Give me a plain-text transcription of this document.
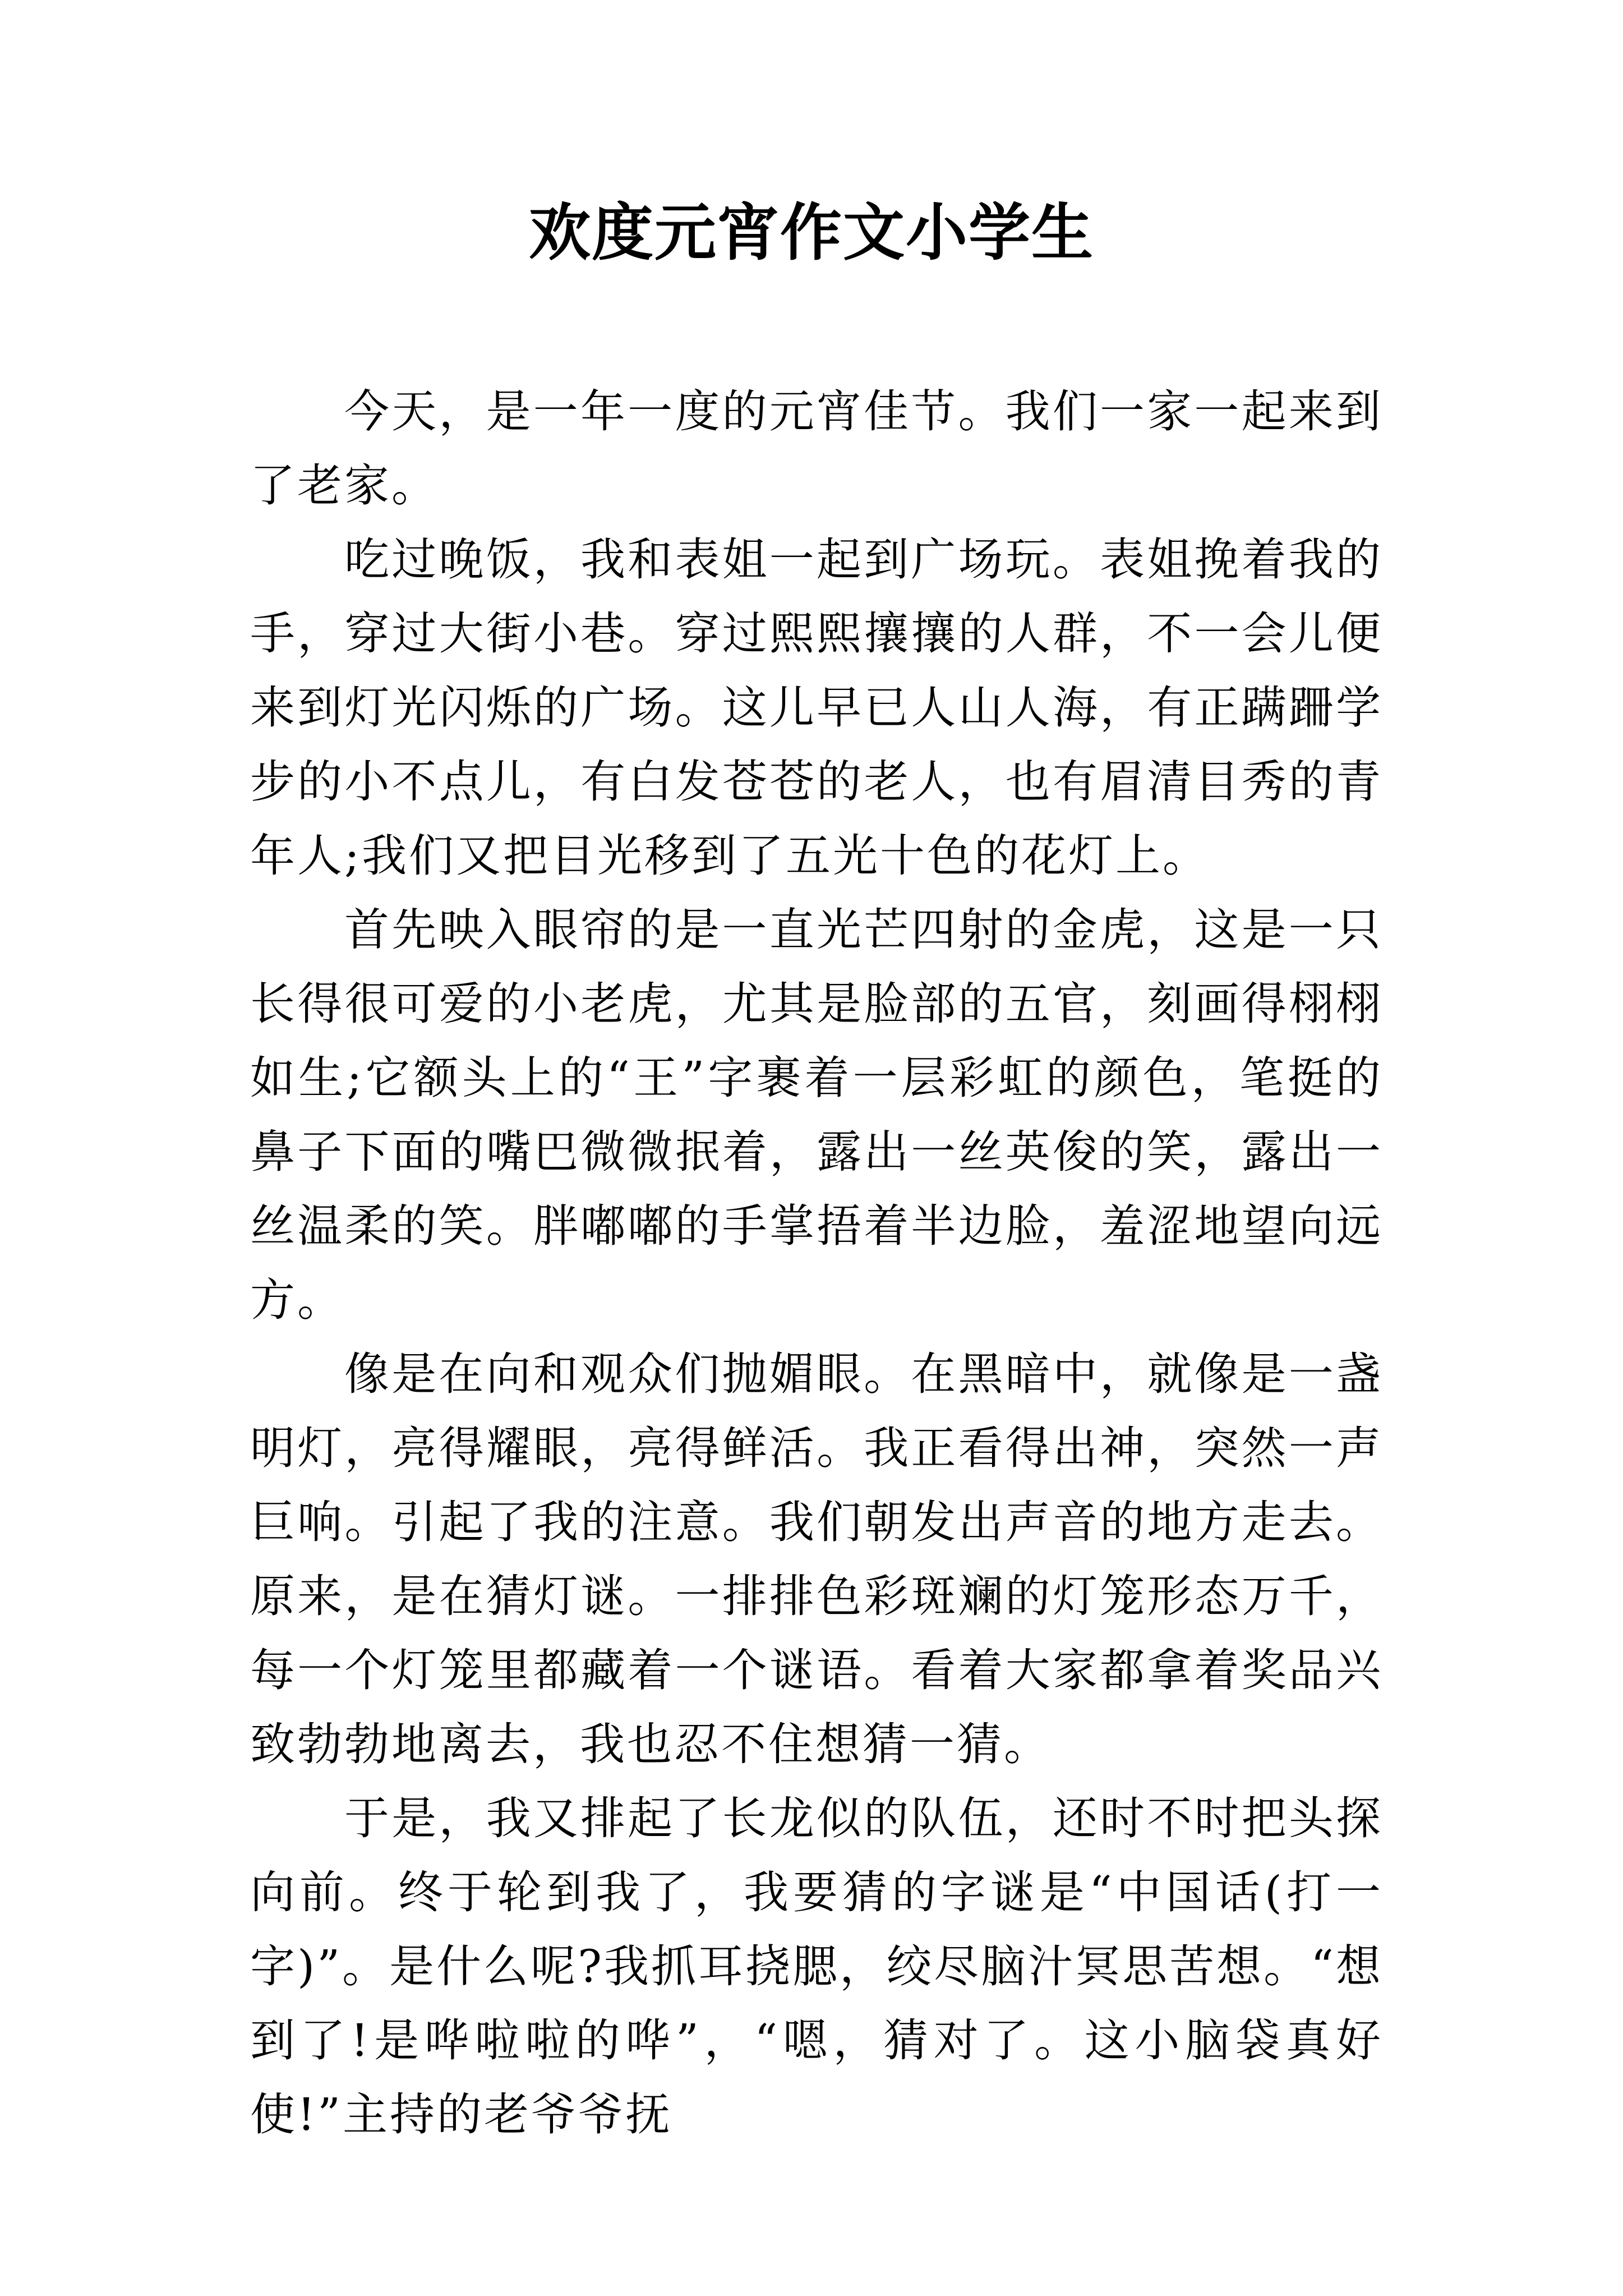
欢度元宵作文小学生

今天，是一年一度的元宵佳节。我们一家一起来到了老家。

吃过晚饭，我和表姐一起到广场玩。表姐挽着我的手，穿过大街小巷。穿过熙熙攘攘的人群，不一会儿便来到灯光闪烁的广场。这儿早已人山人海，有正蹒跚学步的小不点儿，有白发苍苍的老人，也有眉清目秀的青年人;我们又把目光移到了五光十色的花灯上。

首先映入眼帘的是一直光芒四射的金虎，这是一只长得很可爱的小老虎，尤其是脸部的五官，刻画得栩栩如生;它额头上的“王”字裹着一层彩虹的颜色，笔挺的鼻子下面的嘴巴微微抿着，露出一丝英俊的笑，露出一丝温柔的笑。胖嘟嘟的手掌捂着半边脸，羞涩地望向远方。

像是在向和观众们抛媚眼。在黑暗中，就像是一盏明灯，亮得耀眼，亮得鲜活。我正看得出神，突然一声巨响。引起了我的注意。我们朝发出声音的地方走去。原来，是在猜灯谜。一排排色彩斑斓的灯笼形态万千，每一个灯笼里都藏着一个谜语。看着大家都拿着奖品兴致勃勃地离去，我也忍不住想猜一猜。

于是，我又排起了长龙似的队伍，还时不时把头探向前。终于轮到我了，我要猜的字谜是“中国话(打一字)”。是什么呢?我抓耳挠腮，绞尽脑汁冥思苦想。“想到了!是哗啦啦的哗”，“嗯，猜对了。这小脑袋真好使!”主持的老爷爷抚
